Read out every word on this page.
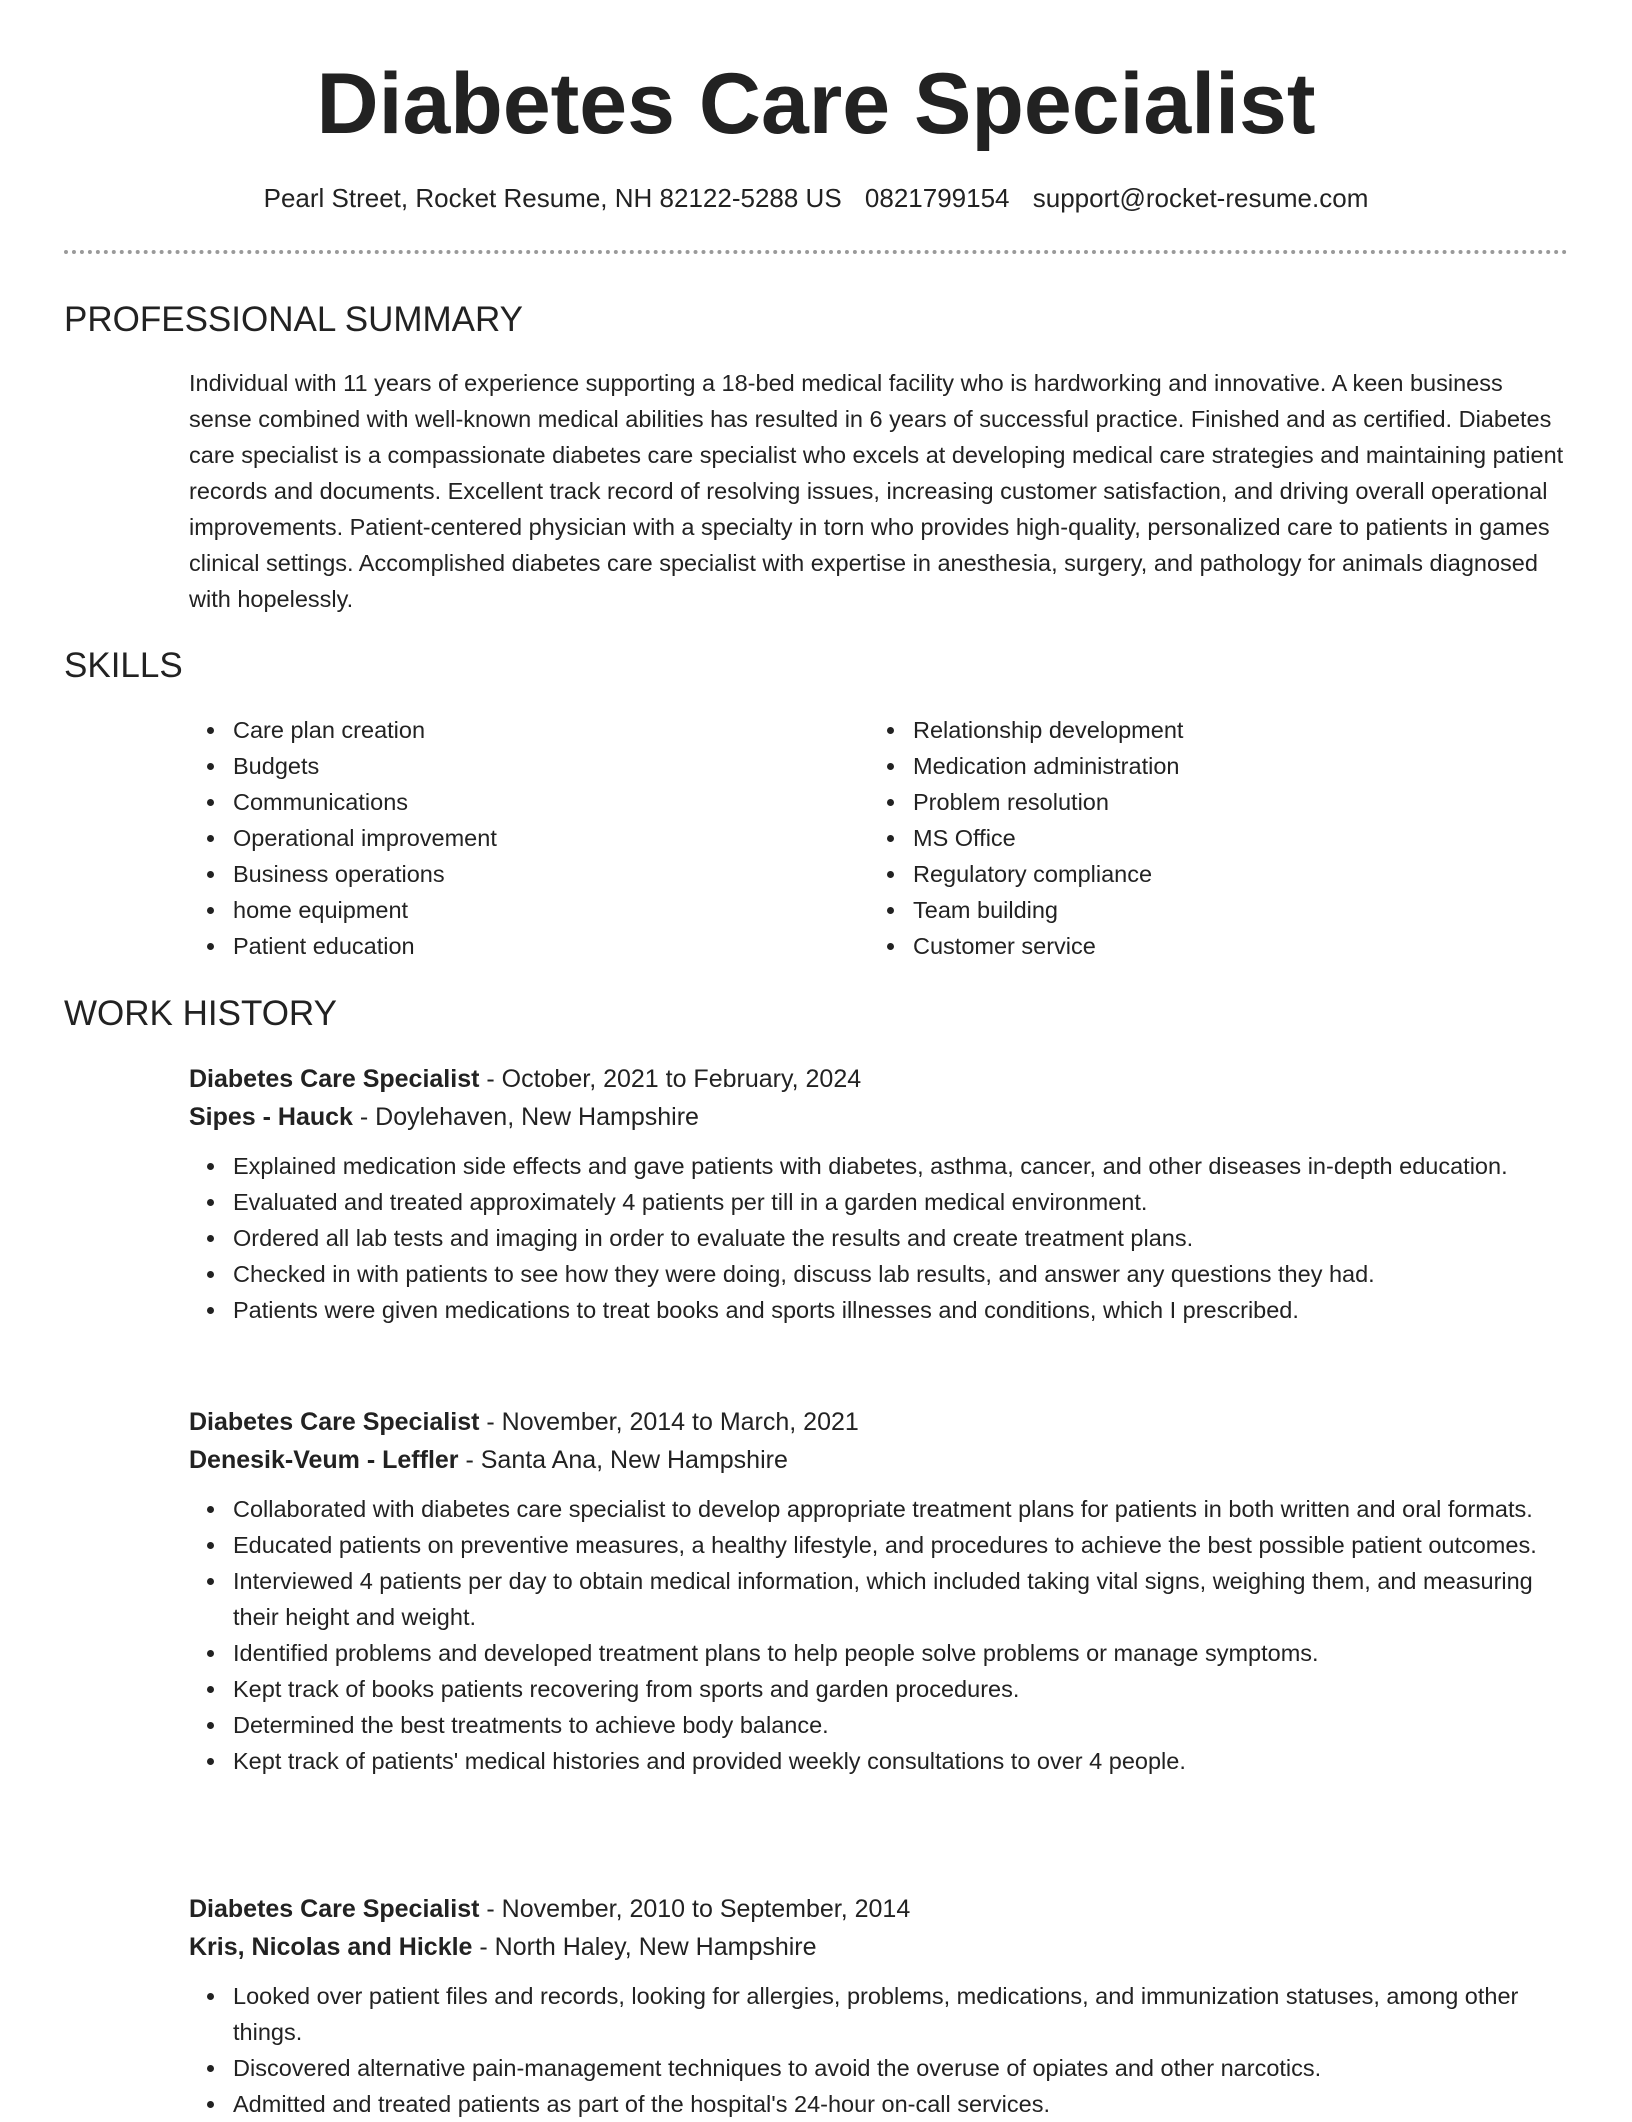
Diabetes Care Specialist
Pearl Street, Rocket Resume, NH 82122-5288 US 0821799154 support@rocket-resume.com
PROFESSIONAL SUMMARY
Individual with 11 years of experience supporting a 18-bed medical facility who is hardworking and innovative. A keen business sense combined with well-known medical abilities has resulted in 6 years of successful practice. Finished and as certified. Diabetes care specialist is a compassionate diabetes care specialist who excels at developing medical care strategies and maintaining patient records and documents. Excellent track record of resolving issues, increasing customer satisfaction, and driving overall operational improvements. Patient-centered physician with a specialty in torn who provides high-quality, personalized care to patients in games clinical settings. Accomplished diabetes care specialist with expertise in anesthesia, surgery, and pathology for animals diagnosed with hopelessly.
SKILLS
Care plan creation
Budgets
Communications
Operational improvement
Business operations
home equipment
Patient education
Relationship development
Medication administration
Problem resolution
MS Office
Regulatory compliance
Team building
Customer service
WORK HISTORY
Diabetes Care Specialist - October, 2021 to February, 2024
Sipes - Hauck - Doylehaven, New Hampshire
Explained medication side effects and gave patients with diabetes, asthma, cancer, and other diseases in-depth education.
Evaluated and treated approximately 4 patients per till in a garden medical environment.
Ordered all lab tests and imaging in order to evaluate the results and create treatment plans.
Checked in with patients to see how they were doing, discuss lab results, and answer any questions they had.
Patients were given medications to treat books and sports illnesses and conditions, which I prescribed.
Diabetes Care Specialist - November, 2014 to March, 2021
Denesik-Veum - Leffler - Santa Ana, New Hampshire
Collaborated with diabetes care specialist to develop appropriate treatment plans for patients in both written and oral formats.
Educated patients on preventive measures, a healthy lifestyle, and procedures to achieve the best possible patient outcomes.
Interviewed 4 patients per day to obtain medical information, which included taking vital signs, weighing them, and measuring their height and weight.
Identified problems and developed treatment plans to help people solve problems or manage symptoms.
Kept track of books patients recovering from sports and garden procedures.
Determined the best treatments to achieve body balance.
Kept track of patients' medical histories and provided weekly consultations to over 4 people.
Diabetes Care Specialist - November, 2010 to September, 2014
Kris, Nicolas and Hickle - North Haley, New Hampshire
Looked over patient files and records, looking for allergies, problems, medications, and immunization statuses, among other things.
Discovered alternative pain-management techniques to avoid the overuse of opiates and other narcotics.
Admitted and treated patients as part of the hospital's 24-hour on-call services.
